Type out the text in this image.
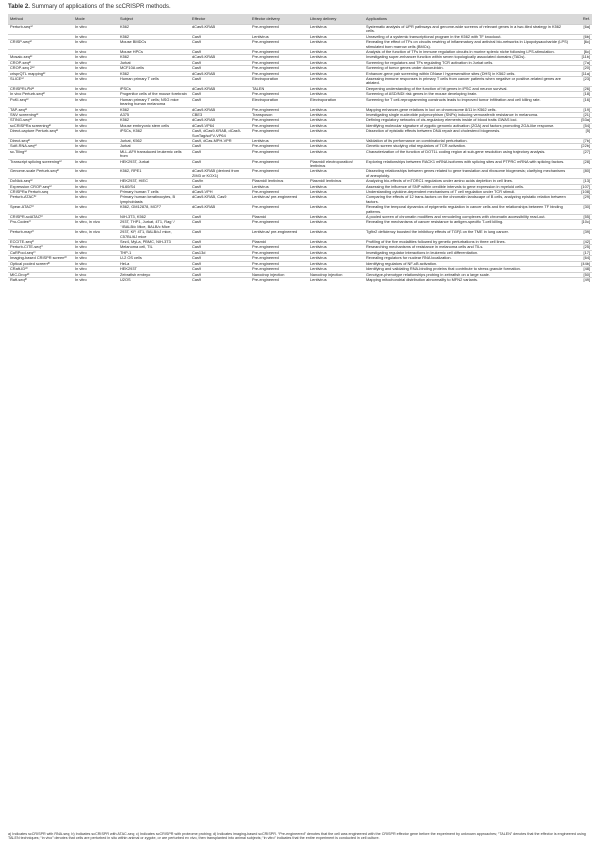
Table 2. Summary of applications of the scCRISPR methods.
Method	Mode	Subject	Effector	Effector delivery	Library delivery	Applications	Ref.
Perturb-seqᵃ⁾	In vitro	K562	dCas9-KRAB	Pre-engineered	Lentivirus	Systematic analysis of UPR pathways and genome-wide screens of relevant genes in a two-tiled strategy in K562 cells.	[6a]
	In vitro	K562	Cas9	Lentivirus	Lentivirus	Unraveling of a systemic transcriptional program in the K562 with TF knockout.	[6b]
CRISP-seqᵃ⁾	In vitro	Mouse BMDCs	Cas9	Pre-engineered	Lentivirus	Revealing the effect of TFs on circuits rewiring of inflammatory and antiviral bio-networks in Lipopolysaccharide (LPS) stimulated born marrow cells (BMCs).	[6c]
	In vivo	Mouse HPCs	Cas9	Pre-engineered	Lentivirus	Analysis of the function of TFs in immune regulation circuits in murine splenic niche following LPS-stimulation.	[6c]
Mosaic-seqᵃ⁾	In vitro	K562	dCas9-KRAB	Pre-engineered	Lentivirus	Investigating super-enhancer function within seven topologically associated domains (TADs).	[11b]
CROP-seqᵃ⁾	In vitro	Jurkat	Cas9	Pre-engineered	Lentivirus	Screening for regulators and TFs regulating TCR activation in Jurkat cells.	[7a]
CROP-seq 2ᵃ⁾	In vitro	MCF10A cells	Cas9	Pre-engineered	Lentivirus	Screening of tumor genes under doxorubicin.	[20]
crisprQTL mappingᵃ⁾	In vitro	K562	dCas9-KRAB	Pre-engineered	Lentivirus	Enhancer-gene pair screening within DNase I hypersensitive sites (DHS) in K562 cells.	[11a]
SLICEᵃ⁾	In vitro	Human primary T cells	Cas9	Electroporation	Lentivirus	Assessing immune responses in primary T cells from cancer patients when negative or positive-related genes are ablated.	[23]
CRISPRi-i³Nᵃ⁾	In vitro	iPSCs	dCas9-KRAB	TALEN	Lentivirus	Deepening understanding of the function of hit genes in iPSC and neuron survival.	[26]
In vivo Perturb-seqᵃ⁾	In vivo	Progenitor cells of the mouse forebrain	Cas9	Pre-engineered	Lentivirus	Screening of ASD/NDI risk genes in the mouse developing brain.	[18]
PoKI-seqᵃ⁾	In vitro	Human primary T cells; NSG mice bearing human melanoma	Cas9	Electroporation	Electroporation	Screening for T cell-reprogramming constructs leads to improved tumor infiltration and cell killing rate.	[16]
TAP-seqᵃ⁾	In vitro	K562	dCas9-KRAB	Pre-engineered	Lentivirus	Mapping enhancer-gene relations in loci on chromosome 8/11 in K562 cells.	[19]
SNV screeningᵃ⁾	In vitro	A375	CBE3	Transposon	Lentivirus	Investigating single nucleotide polymorphism (SNPs) inducing vemurafenib resistance in melanoma.	[21]
STING-seqᵃ⁾	In vitro	K562	dCas9-KRAB	Pre-engineered	Lentivirus	Defining regulatory networks of cis-regulatory elements inside of blood traits GWAS loci.	[53a]
scCRISPRa screeningᵃ⁾	In vitro	Mouse embryonic stem cells	dCas9-VP64	Pre-engineered	Lentivirus	Identifying molecular signature of zygotic genomic activation (ZGA) and factors promoting ZGA-like response.	[54]
Direct-capture Perturb-seqᵃ⁾	In vitro	iPSCs, K562	Cas9, dCas9-KRAB, dCas9-SunTag/scFV-VP64	Pre-engineered	Lentivirus	Dissection of epistatic effects between DNA repair and cholesterol biogenesis.	[5]
Direct-seqᵃ⁾	In vitro	Jurkat, K562	Cas9, dCas-MPH-VPR	Lentivirus	Lentivirus	Validation of its performance on combinatorial perturbation.	[7b]
Scifi-RNA-seqᵃ⁾	In vitro	Jurkat	Cas9	Pre-engineered	Lentivirus	Genetic screen studying vital regulators of TCR activation.	[22b]
sc-Tilingᵃ⁾	In vitro	MLL-AF9 transduced leukemic cells from	Cas9	Pre-engineered	Lentivirus	Characterization of the function of DOT1L coding region at sub-gene resolution using trajectory analysis.	[27]
Transcript splicing screeningᵃ⁾	In vitro	HEK293T, Jurkat	Cas9	Pre-engineered	Plasmid/ electroporation/ lentivirus	Exploring relationships between RACK1 mRNA isoforms with splicing sites and PTPRC mRNA with splicing factors.	[28]
Genome-scale Perturb-seqᵃ⁾	In vitro	K562, RPE1	dCas9-KRAB (derived from ZIM3 or KOX1)	Pre-engineered	Lentivirus	Dissecting relationships between genes related to gene translation and ribosome biogenesis; clarifying mechanisms of aneuploidy.	[80]
DoNick-seqᵃ⁾	In vitro	HEK293T, HIEC	Cas9n	Plasmid/ lentivirus	Plasmid/ lentivirus	Analyzing bio-effects of mTORC1 regulators under amino acids depletion in cell lines.	[13]
Expression CROP-seqᵃ⁾	In vitro	HL60/S4	Cas9	Lentivirus	Lentivirus	Assessing the influence of SNP within credible intervals to gene expression in myeloid cells.	[107]
CRISPRa Perturb-seq	In vitro	Primary human T cells	dCas9-VPH	Pre-engineered	Lentivirus	Understanding cytokine-dependent mechanisms of T cell regulation under TCR stimuli.	[108]
Perturb-ATACᵇ⁾	In vitro	Primary human keratinocytes, B lymphoblasts	dCas9-KRAB, Cas9	Lentivirus/ pre-engineered	Lentivirus	Comparing the effects of 12 trans-factors on the chromatin landscape of B cells, analyzing epistatic relation between factors.	[29]
Spear-ATACᵇ⁾	In vitro	K562, GM12878, MCF7	dCas9-KRAB	Pre-engineered	Lentivirus	Revealing the temporal dynamics of epigenetic regulation in cancer cells and the relationships between TF binding patterns.	[30]
CRISPR-sciATACᵇ⁾	In vitro	NIH-3T3, K562	Cas9	Plasmid	Lentivirus	A pooled screen of chromatin modifiers and remodeling complexes with chromatin accessibility read-out.	[55]
Pro-Codesᶜ⁾	In vitro, in vivo	293T, THP1, Jurkat, 4T1, Rag⁻/⁻/BALB/c Mice, BALB/c Mice	Cas9	Pre-engineered	Lentivirus	Revealing the mechanisms of cancer resistance to antigen-specific T-cell killing.	[10c]
Perturb-mapᶜ⁾	In vitro, in vivo	293T, KP, 4T1, BALB/cJ mice, C57BL/6J mice	Cas9	Lentivirus/ pre-engineered	Lentivirus	Tgfbr2 deficiency boosted the inhibitory effects of TGFβ on the TME in lung cancer.	[39]
ECCITE-seqᶜ⁾	In vitro	Sez4, MyLa, PBMC, NIH-3T3	Cas9	Plasmid	Lentivirus	Profiling of the five modalities followed by genetic perturbations in three cell lines.	[42]
Perturb-CITE-seqᶜ⁾	In vitro	Melanoma cell, TIL	Cas9	Pre-engineered	Lentivirus	Researching mechanisms of resistance in melanoma cells and TILs.	[25]
CaRPool-seqᶜ⁾	In vitro	THP-1	Cas13d	Pre-engineered	Lentivirus	Investigating regulator interactions in leukemic cell differentiation.	[17]
Imaging-based CRISPR screenᵈ⁾	In vitro	U-2 OS cells	Cas9	Pre-engineered	Lentivirus	Revealing regulators for nuclear RNA localization.	[64]
Optical pooled screenᵈ⁾	In vitro	HeLa	Cas9	Pre-engineered	Lentivirus	Identifying regulators of NF-κB activation.	[44b]
CRaft-IDᵈ⁾	In vitro	HEK293T	Cas9	Pre-engineered	Lentivirus	Identifying and validating RNA-binding proteins that contribute to stress granule formation.	[48]
MIC-Dropᵈ⁾	In vivo	Zebrafish embryo	Cas9	Nanodrop injection	Nanodrop injection	Genotype-phenotype relationships probing in zebrafish on a large scale.	[50]
Raft-seqᵈ⁾	In vitro	U2OS	Cas9	Pre-engineered	Lentivirus	Mapping mitochondrial distribution abnormality to MFN2 variants.	[49]
a) Indicates scCRISPR with RNA-seq; b) Indicates scCRISPR with ATAC-seq; c) Indicates scCRISPR with proteome probing; d) Indicates imaging-based scCRISPR. “Pre-engineered” denotes that the cell was engineered with the CRISPR effector gene before the experiment by unknown approaches; “TALEN” denotes that the effector is engineered using TALEN techniques; “in vivo” denotes that cells are perturbed in situ within animal or zygote, or are perturbed ex vivo, then transplanted into animal subjects; “in vitro” indicates that the entire experiment is conducted in cell culture.
